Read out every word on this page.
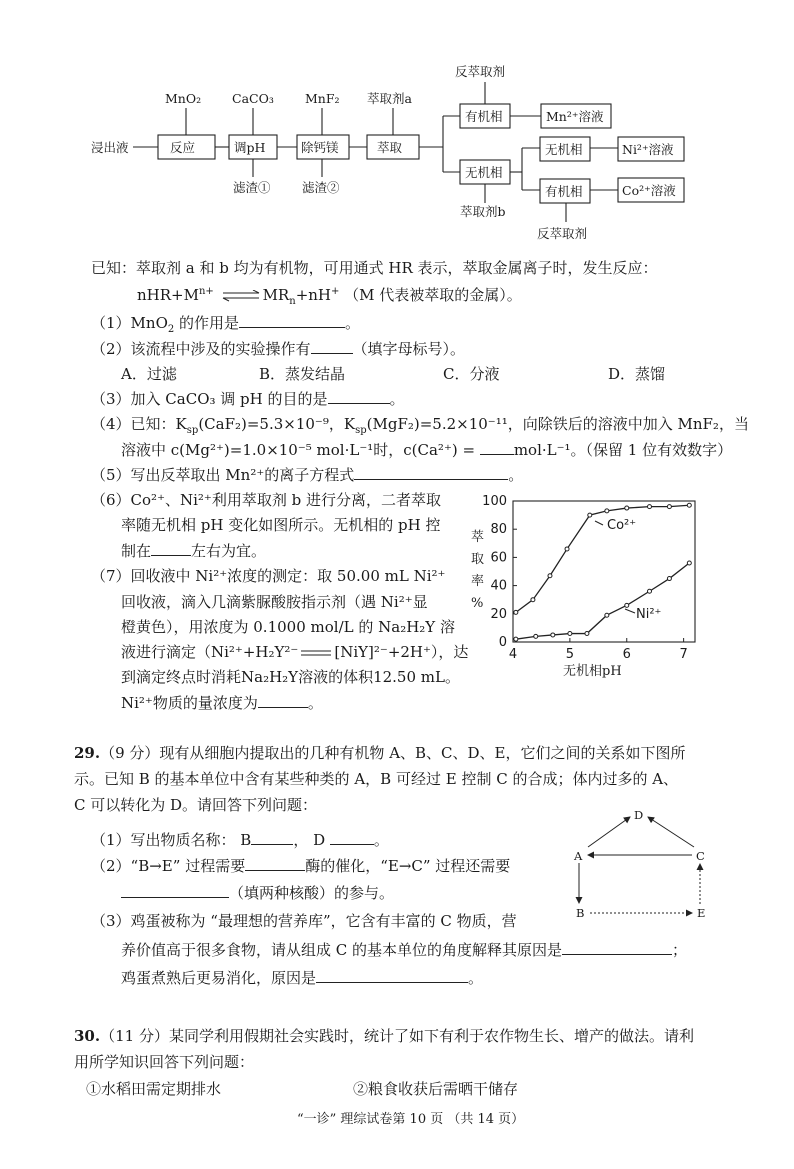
浸出液	反应	调pH	除钙镁	萃取
MnO₂ CaCO₃ MnF₂ 萃取剂a
滤渣①	滤渣②
有机相
反萃取剂
Mn²⁺溶液
无机相
萃取剂b
无机相	Ni²⁺溶液
有机相	Co²⁺溶液
反萃取剂
已知：萃取剂 a 和 b 均为有机物，可用通式 HR 表示，萃取金属离子时，发生反应：
$nHR+M^{n+}$ ⇌ $MR_n+nH^+$ （M 代表被萃取的金属）。
（1）MnO$_2$ 的作用是	。
（2）该流程中涉及的实验操作有	（填字母标号）。
A．过滤	B．蒸发结晶	C．分液	D．蒸馏
（3）加入 CaCO₃ 调 pH 的目的是	。
（4）已知：$K_{sp}(CaF_2)=5.3\times 10^{-9}$，$K_{sp}(MgF_2)=5.2\times 10^{-11}$，向除铁后的溶液中加入 MnF₂，当
溶液中 c(Mg²⁺)=1.0×10⁻⁵ mol·L⁻¹时，c(Ca²⁺) =	mol·L⁻¹。（保留 1 位有效数字）
（5）写出反萃取出 Mn²⁺的离子方程式	。
（6）Co²⁺、Ni²⁺利用萃取剂 b 进行分离，二者萃取
率随无机相 pH 变化如图所示。无机相的 pH 控
制在	左右为宜。
（7）回收液中 Ni²⁺浓度的测定：取 50.00 mL Ni²⁺
回收液，滴入几滴紫脲酸胺指示剂（遇 Ni²⁺显
橙黄色），用浓度为 0.1000 mol/L 的 Na₂H₂Y 溶
液进行滴定（Ni²⁺+H₂Y²⁻ [NiY]²⁻+2H⁺），达
到滴定终点时消耗Na₂H₂Y溶液的体积12.50 mL。
Ni²⁺物质的量浓度为	。
0
20
40
60
80
100
4	5	6	7
萃
取
率
%
无机相pH
Co²⁺
Ni²⁺
29.（9 分）现有从细胞内提取出的几种有机物 A、B、C、D、E，它们之间的关系如下图所
示。已知 B 的基本单位中含有某些种类的 A，B 可经过 E 控制 C 的合成；体内过多的 A、
C 可以转化为 D。请回答下列问题：
（1）写出物质名称： B	， D	。
（2）“B→E” 过程需要	酶的催化，“E→C” 过程还需要
（填两种核酸）的参与。
（3）鸡蛋被称为 “最理想的营养库”，它含有丰富的 C 物质，营
养价值高于很多食物，请从组成 C 的基本单位的角度解释其原因是	；
鸡蛋煮熟后更易消化，原因是	。
D
A	C
B	E
30.（11 分）某同学利用假期社会实践时，统计了如下有利于农作物生长、增产的做法。请利
用所学知识回答下列问题：
①水稻田需定期排水	②粮食收获后需晒干储存
“一诊” 理综试卷第 10 页 （共 14 页）
